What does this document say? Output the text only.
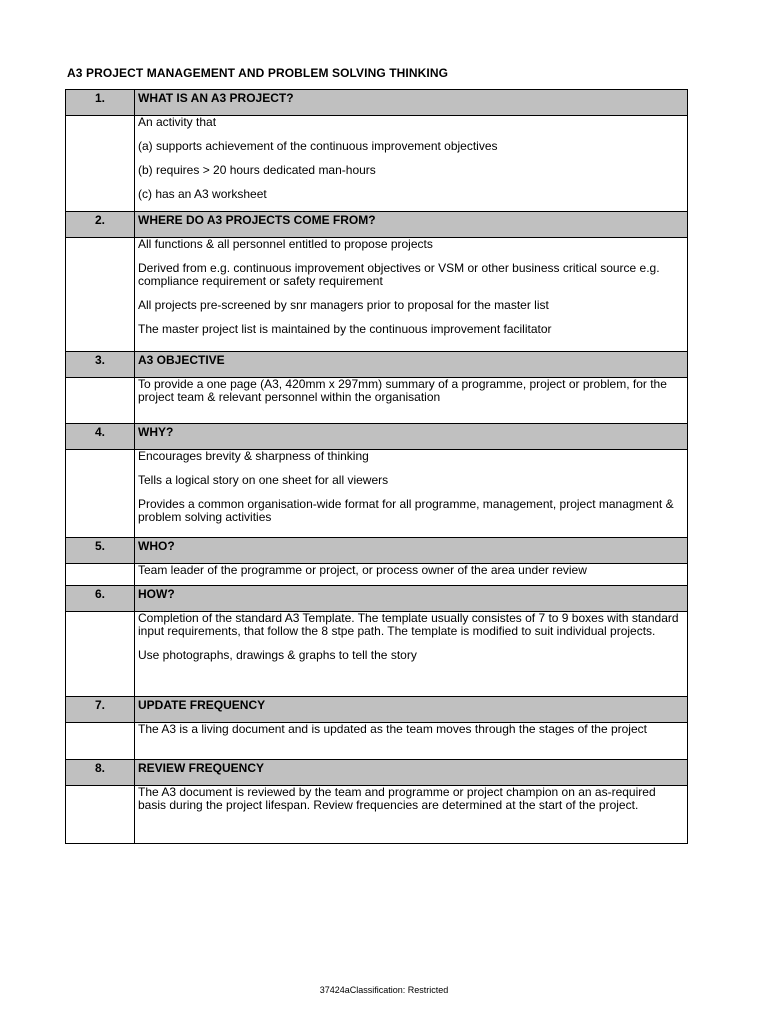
A3 PROJECT MANAGEMENT AND PROBLEM SOLVING THINKING
1.	WHAT IS AN A3 PROJECT?

	An activity that

(a) supports achievement of the continuous improvement objectives

(b) requires > 20 hours dedicated man-hours

(c) has an A3 worksheet

2.	WHERE DO A3 PROJECTS COME FROM?

	All functions & all personnel entitled to propose projects

Derived from e.g. continuous improvement objectives or VSM or other business critical source e.g. compliance requirement or safety requirement

All projects pre-screened by snr managers prior to proposal for the master list

The master project list is maintained by the continuous improvement facilitator

3.	A3 OBJECTIVE

	To provide a one page (A3, 420mm x 297mm) summary of a programme, project or problem, for the project team & relevant personnel within the organisation

4.	WHY?

	Encourages brevity & sharpness of thinking

Tells a logical story on one sheet for all viewers

Provides a common organisation-wide format for all programme, management, project managment & problem solving activities

5.	WHO?

	Team leader of the programme or project, or process owner of the area under review

6.	HOW?

	Completion of the standard A3 Template. The template usually consistes of 7 to 9 boxes with standard input requirements, that follow the 8 stpe path. The template is modified to suit individual projects.

Use photographs, drawings & graphs to tell the story

7.	UPDATE FREQUENCY

	The A3 is a living document and is updated as the team moves through the stages of the project

8.	REVIEW FREQUENCY

	The A3 document is reviewed by the team and programme or project champion on an as-required basis during the project lifespan. Review frequencies are determined at the start of the project.

37424aClassification: Restricted
